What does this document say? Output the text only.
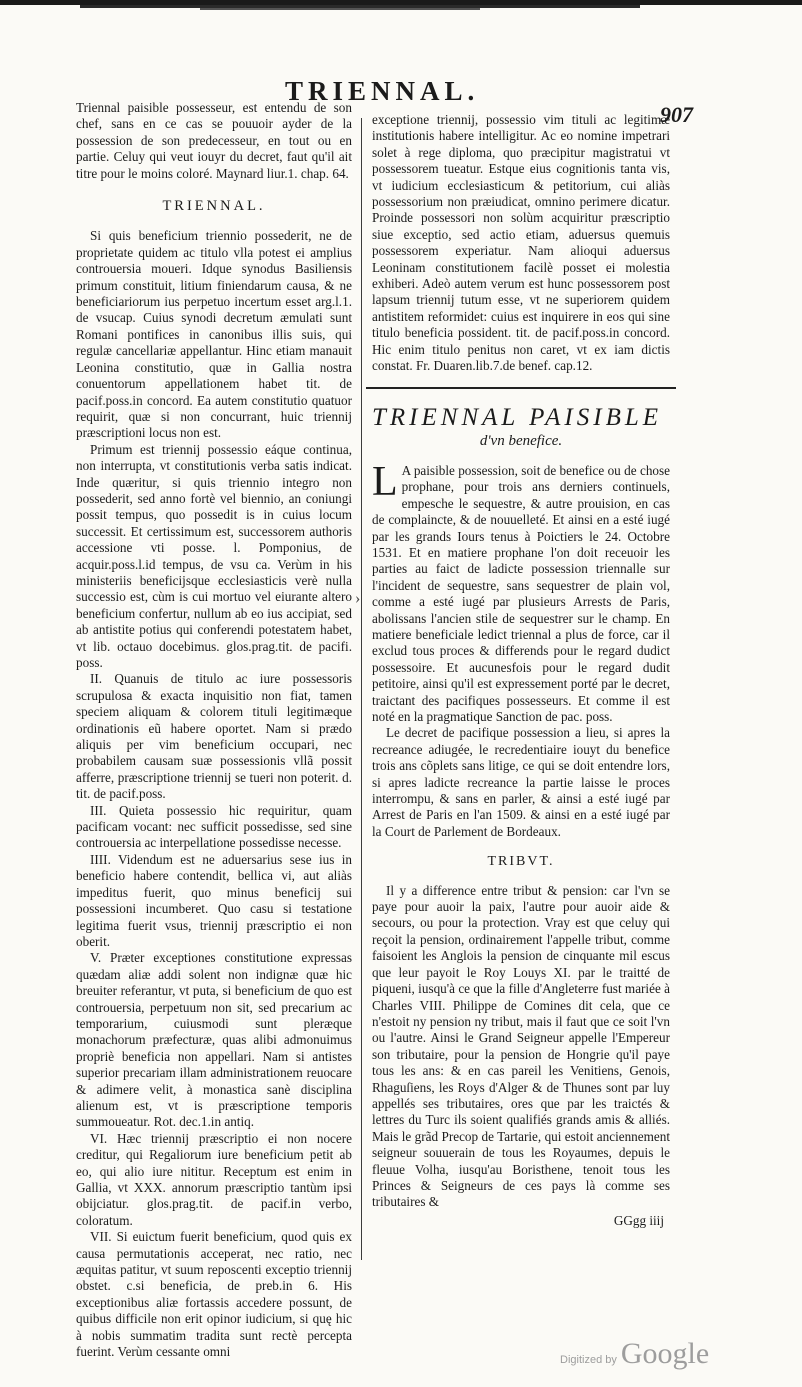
TRIENNAL.
907

Triennal paisible possesseur, est entendu de son chef, sans en ce cas se pouuoir ayder de la possession de son predecesseur, en tout ou en partie. Celuy qui veut iouyr du decret, faut qu'il ait titre pour le moins coloré. Maynard liur.1. chap. 64.

TRIENNAL.

Si quis beneficium triennio possederit, ne de proprietate quidem ac titulo vlla potest ei amplius controuersia moueri. Idque synodus Basiliensis primum constituit, litium finiendarum causa, & ne beneficiariorum ius perpetuo incertum esset arg.l.1. de vsucap. Cuius synodi decretum æmulati sunt Romani pontifices in canonibus illis suis, qui regulæ cancellariæ appellantur. Hinc etiam manauit Leonina constitutio, quæ in Gallia nostra conuentorum appellationem habet tit. de pacif.poss.in concord. Ea autem constitutio quatuor requirit, quæ si non concurrant, huic triennij præscriptioni locus non est.

Primum est triennij possessio eáque continua, non interrupta, vt constitutionis verba satis indicat. Inde quæritur, si quis triennio integro non possederit, sed anno fortè vel biennio, an coniungi possit tempus, quo possedit is in cuius locum successit. Et certissimum est, successorem authoris accessione vti posse. l. Pomponius, de acquir.poss.l.id tempus, de vsu ca. Verùm in his ministeriis beneficijsque ecclesiasticis verè nulla successio est, cùm is cui mortuo vel eiurante altero beneficium confertur, nullum ab eo ius accipiat, sed ab antistite potius qui conferendi potestatem habet, vt lib. octauo docebimus. glos.prag.tit. de pacifi. poss.

II. Quanuis de titulo ac iure possessoris scrupulosa & exacta inquisitio non fiat, tamen speciem aliquam & colorem tituli legitimæque ordinationis eũ habere oportet. Nam si prædo aliquis per vim beneficium occupari, nec probabilem causam suæ possessionis vllã possit afferre, præscriptione triennij se tueri non poterit. d. tit. de pacif.poss.

III. Quieta possessio hic requiritur, quam pacificam vocant: nec sufficit possedisse, sed sine controuersia ac interpellatione possedisse necesse.

IIII. Videndum est ne aduersarius sese ius in beneficio habere contendit, bellica vi, aut aliàs impeditus fuerit, quo minus beneficij sui possessioni incumberet. Quo casu si testatione legitima fuerit vsus, triennij præscriptio ei non oberit.

V. Præter exceptiones constitutione expressas quædam aliæ addi solent non indignæ quæ hic breuiter referantur, vt puta, si beneficium de quo est controuersia, perpetuum non sit, sed precarium ac temporarium, cuiusmodi sunt pleræque monachorum præfecturæ, quas alibi admonuimus propriè beneficia non appellari. Nam si antistes superior precariam illam administrationem reuocare & adimere velit, à monastica sanè disciplina alienum est, vt is præscriptione temporis summoueatur. Rot. dec.1.in antiq.

VI. Hæc triennij præscriptio ei non nocere creditur, qui Regaliorum iure beneficium petit ab eo, qui alio iure nititur. Receptum est enim in Gallia, vt XXX. annorum præscriptio tantùm ipsi obijciatur. glos.prag.tit. de pacif.in verbo, coloratum.

VII. Si euictum fuerit beneficium, quod quis ex causa permutationis acceperat, nec ratio, nec æquitas patitur, vt suum reposcenti exceptio triennij obstet. c.si beneficia, de preb.in 6. His exceptionibus aliæ fortassis accedere possunt, de quibus difficile non erit opinor iudicium, si quę hic à nobis summatim tradita sunt rectè percepta fuerint. Verùm cessante omni

›

exceptione triennij, possessio vim tituli ac legitimæ institutionis habere intelligitur. Ac eo nomine impetrari solet à rege diploma, quo præcipitur magistratui vt possessorem tueatur. Estque eius cognitionis tanta vis, vt iudicium ecclesiasticum & petitorium, cui aliàs possessorium non præiudicat, omnino perimere dicatur. Proinde possessori non solùm acquiritur præscriptio siue exceptio, sed actio etiam, aduersus quemuis possessorem experiatur. Nam alioqui aduersus Leoninam constitutionem facilè posset ei molestia exhiberi. Adeò autem verum est hunc possessorem post lapsum triennij tutum esse, vt ne superiorem quidem antistitem reformidet: cuius est inquirere in eos qui sine titulo beneficia possident. tit. de pacif.poss.in concord. Hic enim titulo penitus non caret, vt ex iam dictis constat. Fr. Duaren.lib.7.de benef. cap.12.

TRIENNAL PAISIBLE
d'vn benefice.

L A paisible possession, soit de benefice ou de chose prophane, pour trois ans derniers continuels, empesche le sequestre, & autre prouision, en cas de complaincte, & de nouuelleté. Et ainsi en a esté iugé par les grands Iours tenus à Poictiers le 24. Octobre 1531. Et en matiere prophane l'on doit receuoir les parties au faict de ladicte possession triennalle sur l'incident de sequestre, sans sequestrer de plain vol, comme a esté iugé par plusieurs Arrests de Paris, abolissans l'ancien stile de sequestrer sur le champ. En matiere beneficiale ledict triennal a plus de force, car il exclud tous proces & differends pour le regard dudict possessoire. Et aucunesfois pour le regard dudit petitoire, ainsi qu'il est expressement porté par le decret, traictant des pacifiques possesseurs. Et comme il est noté en la pragmatique Sanction de pac. poss.

Le decret de pacifique possession a lieu, si apres la recreance adiugée, le recredentiaire iouyt du benefice trois ans cõplets sans litige, ce qui se doit entendre lors, si apres ladicte recreance la partie laisse le proces interrompu, & sans en parler, & ainsi a esté iugé par Arrest de Paris en l'an 1509. & ainsi en a esté iugé par la Court de Parlement de Bordeaux.

TRIBVT.

Il y a difference entre tribut & pension: car l'vn se paye pour auoir la paix, l'autre pour auoir aide & secours, ou pour la protection. Vray est que celuy qui reçoit la pension, ordinairement l'appelle tribut, comme faisoient les Anglois la pension de cinquante mil escus que leur payoit le Roy Louys XI. par le traitté de piqueni, iusqu'à ce que la fille d'Angleterre fust mariée à Charles VIII. Philippe de Comines dit cela, que ce n'estoit ny pension ny tribut, mais il faut que ce soit l'vn ou l'autre. Ainsi le Grand Seigneur appelle l'Empereur son tributaire, pour la pension de Hongrie qu'il paye tous les ans: & en cas pareil les Venitiens, Genois, Rhaguſiens, les Roys d'Alger & de Thunes sont par luy appellés ses tributaires, ores que par les traictés & lettres du Turc ils soient qualifiés grands amis & alliés. Mais le grãd Precop de Tartarie, qui estoit anciennement seigneur souuerain de tous les Royaumes, depuis le fleuue Volha, iusqu'au Boristhene, tenoit tous les Princes & Seigneurs de ces pays là comme ses tributaires &

GGgg iiij
Digitized by Google
